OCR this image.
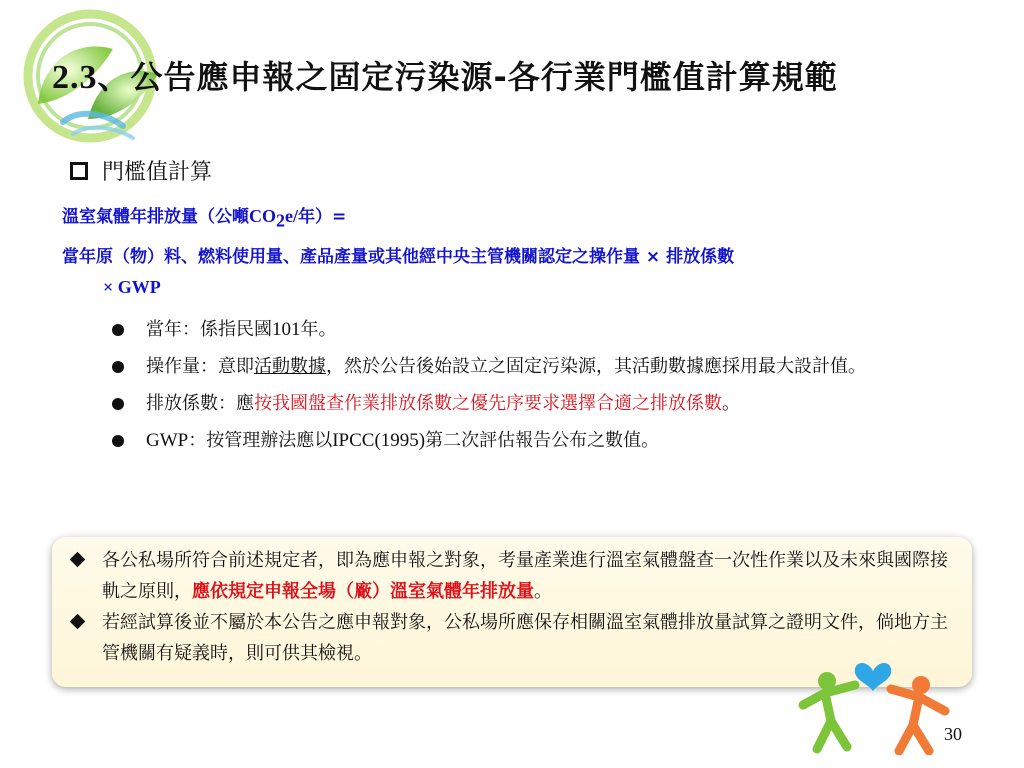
2.3、公告應申報之固定污染源-各行業門檻值計算規範
門檻值計算
溫室氣體年排放量（公噸$CO_2e/$年）=
當年原（物）料、燃料使用量、產品產量或其他經中央主管機關認定之操作量 × 排放係數
× GWP
當年：係指民國101年。
操作量：意即活動數據，然於公告後始設立之固定污染源，其活動數據應採用最大設計值。
排放係數：應按我國盤查作業排放係數之優先序要求選擇合適之排放係數。
GWP：按管理辦法應以IPCC(1995)第二次評估報告公布之數值。
各公私場所符合前述規定者，即為應申報之對象，考量產業進行溫室氣體盤查一次性作業以及未來與國際接軌之原則，應依規定申報全場（廠）溫室氣體年排放量。
若經試算後並不屬於本公告之應申報對象，公私場所應保存相關溫室氣體排放量試算之證明文件，倘地方主管機關有疑義時，則可供其檢視。
30
